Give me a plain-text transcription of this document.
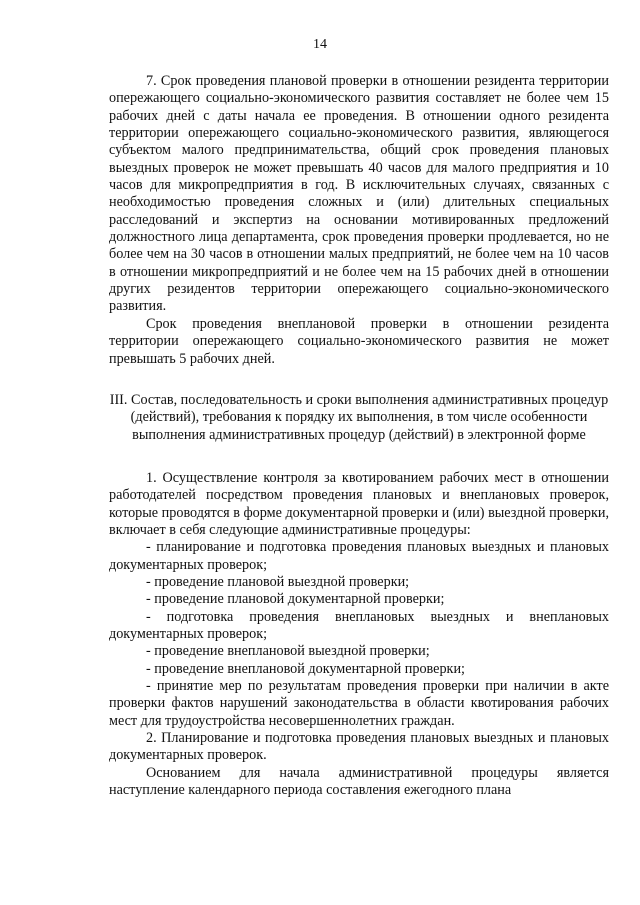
14

7. Срок проведения плановой проверки в отношении резидента территории опережающего социально-экономического развития составляет не более чем 15 рабочих дней с даты начала ее проведения. В отношении одного резидента территории опережающего социально-экономического развития, являющегося субъектом малого предпринимательства, общий срок проведения плановых выездных проверок не может превышать 40 часов для малого предприятия и 10 часов для микропредприятия в год. В исключительных случаях, связанных с необходимостью проведения сложных и (или) длительных специальных расследований и экспертиз на основании мотивированных предложений должностного лица департамента, срок проведения проверки продлевается, но не более чем на 30 часов в отношении малых предприятий, не более чем на 10 часов в отношении микропредприятий и не более чем на 15 рабочих дней в отношении других резидентов территории опережающего социально-экономического развития.

Срок проведения внеплановой проверки в отношении резидента территории опережающего социально-экономического развития не может превышать 5 рабочих дней.

III. Состав, последовательность и сроки выполнения административных процедур (действий), требования к порядку их выполнения, в том числе особенности выполнения административных процедур (действий) в электронной форме

1. Осуществление контроля за квотированием рабочих мест в отношении работодателей посредством проведения плановых и внеплановых проверок, которые проводятся в форме документарной проверки и (или) выездной проверки, включает в себя следующие административные процедуры:

- планирование и подготовка проведения плановых выездных и плановых документарных проверок;

- проведение плановой выездной проверки;

- проведение плановой документарной проверки;

- подготовка проведения внеплановых выездных и внеплановых документарных проверок;

- проведение внеплановой выездной проверки;

- проведение внеплановой документарной проверки;

- принятие мер по результатам проведения проверки при наличии в акте проверки фактов нарушений законодательства в области квотирования рабочих мест для трудоустройства несовершеннолетних граждан.

2. Планирование и подготовка проведения плановых выездных и плановых документарных проверок.

Основанием для начала административной процедуры является наступление календарного периода составления ежегодного плана
